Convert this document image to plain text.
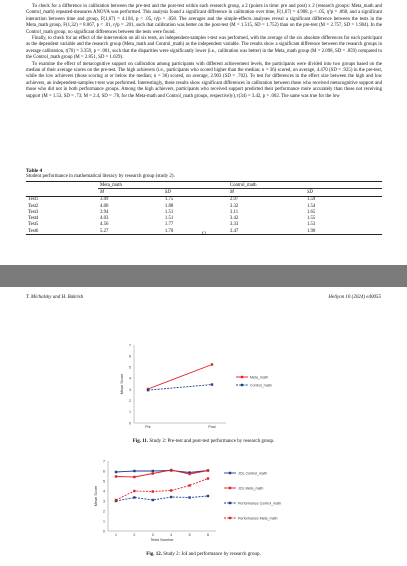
To check for a difference in calibration between the pre-test and the post-test within each research group, a 2 (points in time: pre and post) x 2 (research groups: Meta_math and Control_math) repeated-measures ANOVA was performed. This analysis found a significant difference in calibration over time, F(1,67) = 4.908, p < .05, η²p = .068, and a significant interaction between time and group, F(1,67) = 4.104, p < .05, η²p = .058. The averages and the simple-effects analyses reveal a significant difference between the tests in the Meta_math group, F(1,32) = 8.067, p < .01, η²p = .201, such that calibration was better on the post-test (M = 1.515, SD = 1.752) than on the pre-test (M = 2.757, SD = 1.904). In the Control_math group, no significant differences between the tests were found.

Finally, to check for an effect of the intervention on all six tests, an independent-samples t-test was performed, with the average of the six absolute differences for each participant as the dependent variable and the research group (Meta_math and Control_math) as the independent variable. The results show a significant difference between the research groups in average calibration, t(70) = 3.359, p = .001, such that the disparities were significantly lower (i.e., calibration was better) in the Meta_math group (M = 2.098, SD = .859) compared to the Control_math group (M = 2.851, SD = 1.029).

To examine the effect of metacognitive support on calibration among participants with different achievement levels, the participants were divided into two groups based on the median of their average scores on the pre-test. The high achievers (i.e., participants who scored higher than the median; n = 36) scored, on average, 4.470 (SD = .925) in the pre-test, while the low achievers (those scoring at or below the median; n = 36) scored, on average, 2.903 (SD = .702). To test for differences in the effect size between the high and low achievers, an independent-samples t-test was performed. Interestingly, these results show significant differences in calibration between those who received metacognitive support and those who did not in both performance groups. Among the high achievers, participants who received support predicted their performance more accurately than those not receiving support (M = 1.53, SD = .73; M = 2.4, SD = .78, for the Meta-math and Control_math groups, respectively), t(34) = 3.42, p = .002. The same was true for the low

Table 4
Student performance in mathematical literacy by research group (study 2).
	Meta_math		Control_math	
	M	SD	M	SD
Test1	3.09	1.75	2.97	1.59
Test2	4.00	1.88	3.32	1.54
Test3	3.94	1.51	3.11	1.65
Test4	4.03	1.51	3.42	1.55
Test5	4.56	1.77	3.33	1.53
Test6	5.27	1.70	3.47	1.90
12
T. Michalsky and H. Bakrish	Heliyon 10 (2024) e40055
0
1
2
3
4
5
6
7
Pre	Post
Mean Score	Meta_math
Control_math
Fig. 11. Study 2: Pre-test and post-test performance by research group.
0
1
2
3
4
5
6
7
1	2	3	4	5	6
Mean Score
Tests Number
JOL Control_math
JOL Meta_math
Performance Control_math
Performance Meta_math
Fig. 12. Study 2: JoI and performance by research group.
